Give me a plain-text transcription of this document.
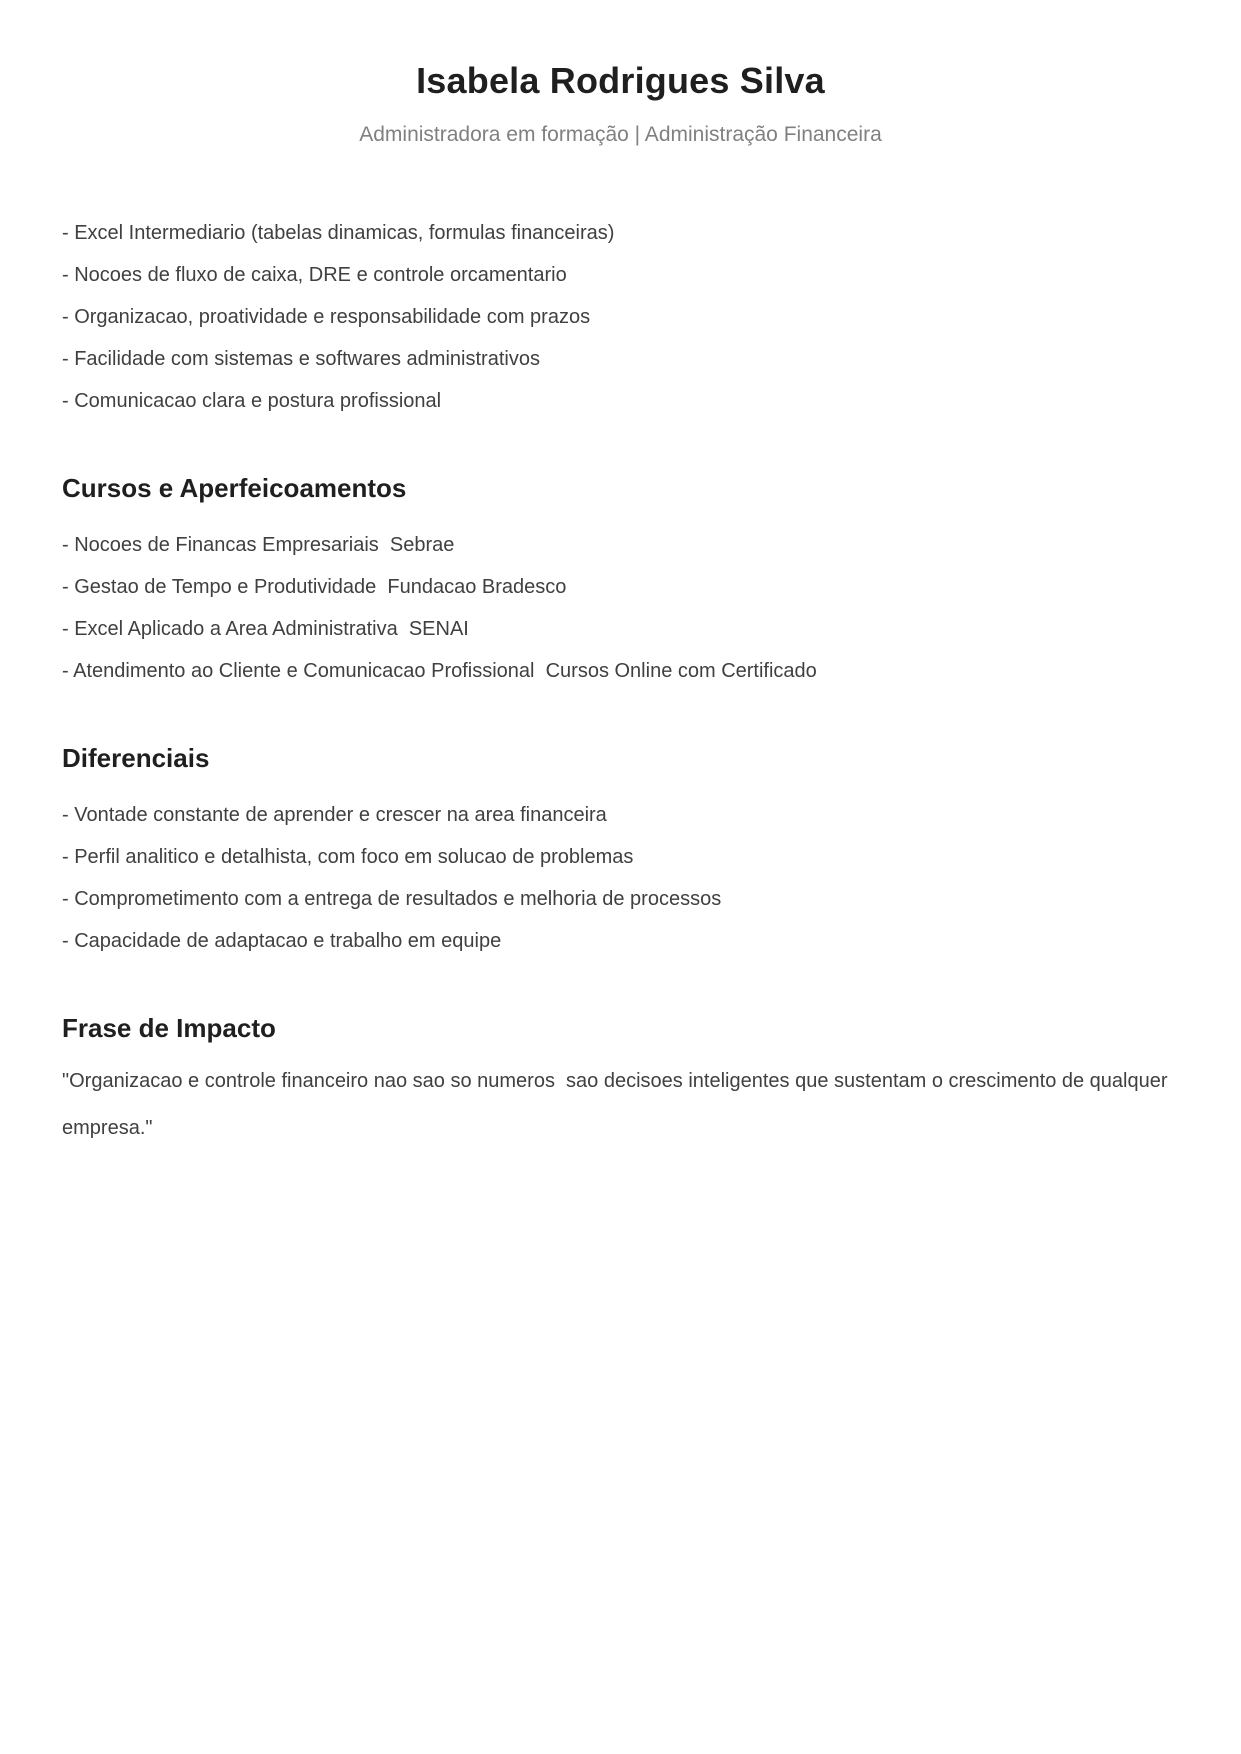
Isabela Rodrigues Silva
Administradora em formação | Administração Financeira

- Excel Intermediario (tabelas dinamicas, formulas financeiras)

- Nocoes de fluxo de caixa, DRE e controle orcamentario

- Organizacao, proatividade e responsabilidade com prazos

- Facilidade com sistemas e softwares administrativos

- Comunicacao clara e postura profissional

Cursos e Aperfeicoamentos

- Nocoes de Financas Empresariais  Sebrae

- Gestao de Tempo e Produtividade  Fundacao Bradesco

- Excel Aplicado a Area Administrativa  SENAI

- Atendimento ao Cliente e Comunicacao Profissional  Cursos Online com Certificado

Diferenciais

- Vontade constante de aprender e crescer na area financeira

- Perfil analitico e detalhista, com foco em solucao de problemas

- Comprometimento com a entrega de resultados e melhoria de processos

- Capacidade de adaptacao e trabalho em equipe

Frase de Impacto

"Organizacao e controle financeiro nao sao so numeros  sao decisoes inteligentes que sustentam o crescimento de qualquer empresa."
